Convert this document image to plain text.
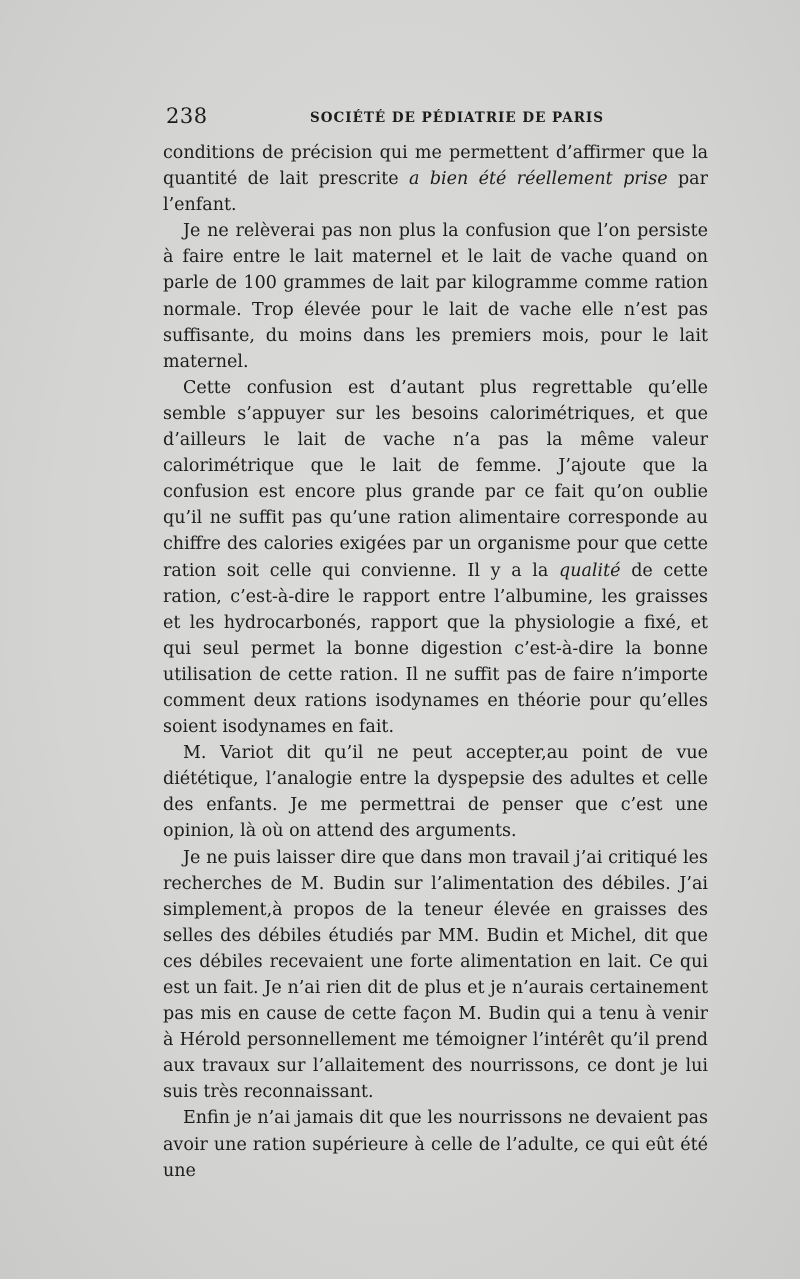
238	SOCIÉTÉ DE PÉDIATRIE DE PARIS

conditions de précision qui me permettent d’affirmer que la quantité de lait prescrite a bien été réellement prise par l’enfant.

Je ne relèverai pas non plus la confusion que l’on persiste à faire entre le lait maternel et le lait de vache quand on parle de 100 grammes de lait par kilogramme comme ration normale. Trop élevée pour le lait de vache elle n’est pas suffisante, du moins dans les premiers mois, pour le lait maternel.

Cette confusion est d’autant plus regrettable qu’elle semble s’appuyer sur les besoins calorimétriques, et que d’ailleurs le lait de vache n’a pas la même valeur calorimétrique que le lait de femme. J’ajoute que la confusion est encore plus grande par ce fait qu’on oublie qu’il ne suffit pas qu’une ration alimentaire corresponde au chiffre des calories exigées par un organisme pour que cette ration soit celle qui convienne. Il y a la qualité de cette ration, c’est-à-dire le rapport entre l’albumine, les graisses et les hydrocarbonés, rapport que la physiologie a fixé, et qui seul permet la bonne digestion c’est-à-dire la bonne utilisation de cette ration. Il ne suffit pas de faire n’importe comment deux rations isodynames en théorie pour qu’elles soient isodynames en fait.

M. Variot dit qu’il ne peut accepter,au point de vue diététique, l’analogie entre la dyspepsie des adultes et celle des enfants. Je me permettrai de penser que c’est une opinion, là où on attend des arguments.

Je ne puis laisser dire que dans mon travail j’ai critiqué les recherches de M. Budin sur l’alimentation des débiles. J’ai simplement,à propos de la teneur élevée en graisses des selles des débiles étudiés par MM. Budin et Michel, dit que ces débiles recevaient une forte alimentation en lait. Ce qui est un fait. Je n’ai rien dit de plus et je n’aurais certainement pas mis en cause de cette façon M. Budin qui a tenu à venir à Hérold personnellement me témoigner l’intérêt qu’il prend aux travaux sur l’allaitement des nourrissons, ce dont je lui suis très reconnaissant.

Enfin je n’ai jamais dit que les nourrissons ne devaient pas avoir une ration supérieure à celle de l’adulte, ce qui eût été une
